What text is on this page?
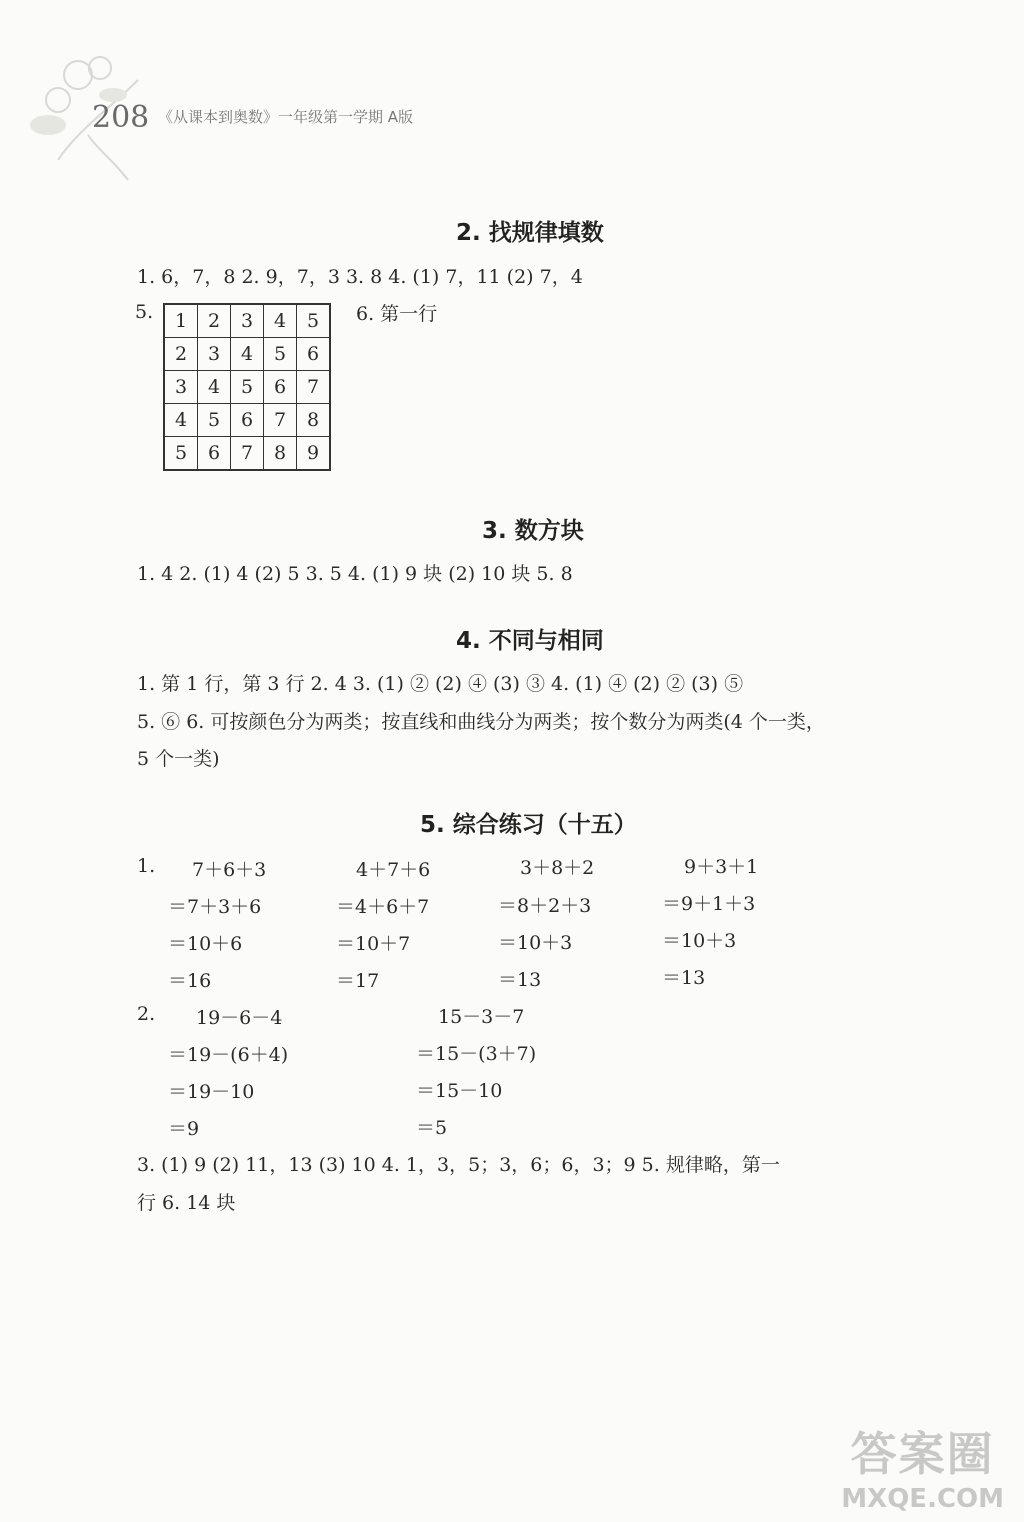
208 《从课本到奥数》一年级第一学期 A版
2. 找规律填数
1. 6，7，8 2. 9，7，3 3. 8 4. (1) 7，11 (2) 7，4
5. 1	2	3	4	5
2	3	4	5	6
3	4	5	6	7
4	5	6	7	8
5	6	7	8	9
6. 第一行
3. 数方块
1. 4 2. (1) 4 (2) 5 3. 5 4. (1) 9 块 (2) 10 块 5. 8
4. 不同与相同
1. 第 1 行，第 3 行 2. 4 3. (1) ② (2) ④ (3) ③ 4. (1) ④ (2) ② (3) ⑤
5. ⑥ 6. 可按颜色分为两类；按直线和曲线分为两类；按个数分为两类(4 个一类，
5 个一类)
5. 综合练习（十五）
1. 7＋6＋3
＝7＋3＋6
＝10＋6
＝16
4＋7＋6
＝4＋6＋7
＝10＋7
＝17
3＋8＋2
＝8＋2＋3
＝10＋3
＝13
9＋3＋1
＝9＋1＋3
＝10＋3
＝13
2. 19－6－4
＝19－(6＋4)
＝19－10
＝9
15－3－7
＝15－(3＋7)
＝15－10
＝5
3. (1) 9 (2) 11，13 (3) 10 4. 1，3，5；3，6；6，3；9 5. 规律略，第一
行 6. 14 块
答案圈
MXQE.COM
